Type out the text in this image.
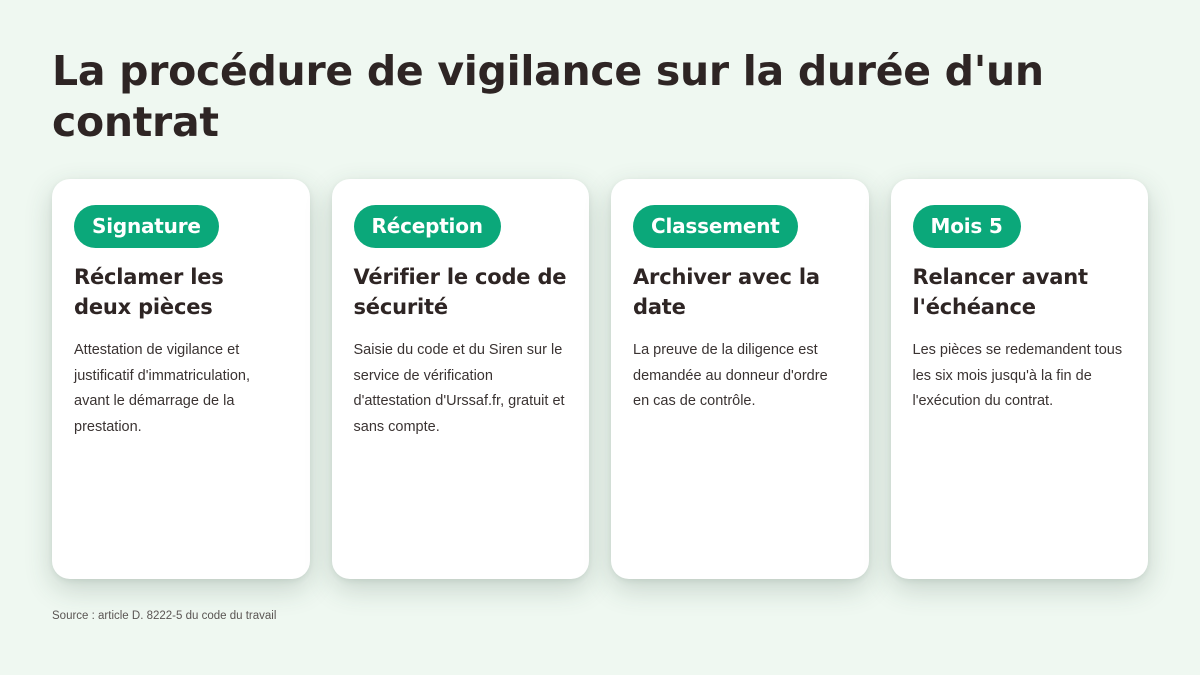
La procédure de vigilance sur la durée d'un contrat
Signature
Réclamer les deux pièces

Attestation de vigilance et justificatif d'immatriculation, avant le démarrage de la prestation.

Réception
Vérifier le code de sécurité

Saisie du code et du Siren sur le service de vérification d'attestation d'Urssaf.fr, gratuit et sans compte.

Classement
Archiver avec la date

La preuve de la diligence est demandée au donneur d'ordre en cas de contrôle.

Mois 5
Relancer avant l'échéance

Les pièces se redemandent tous les six mois jusqu'à la fin de l'exécution du contrat.

Source : article D. 8222-5 du code du travail
